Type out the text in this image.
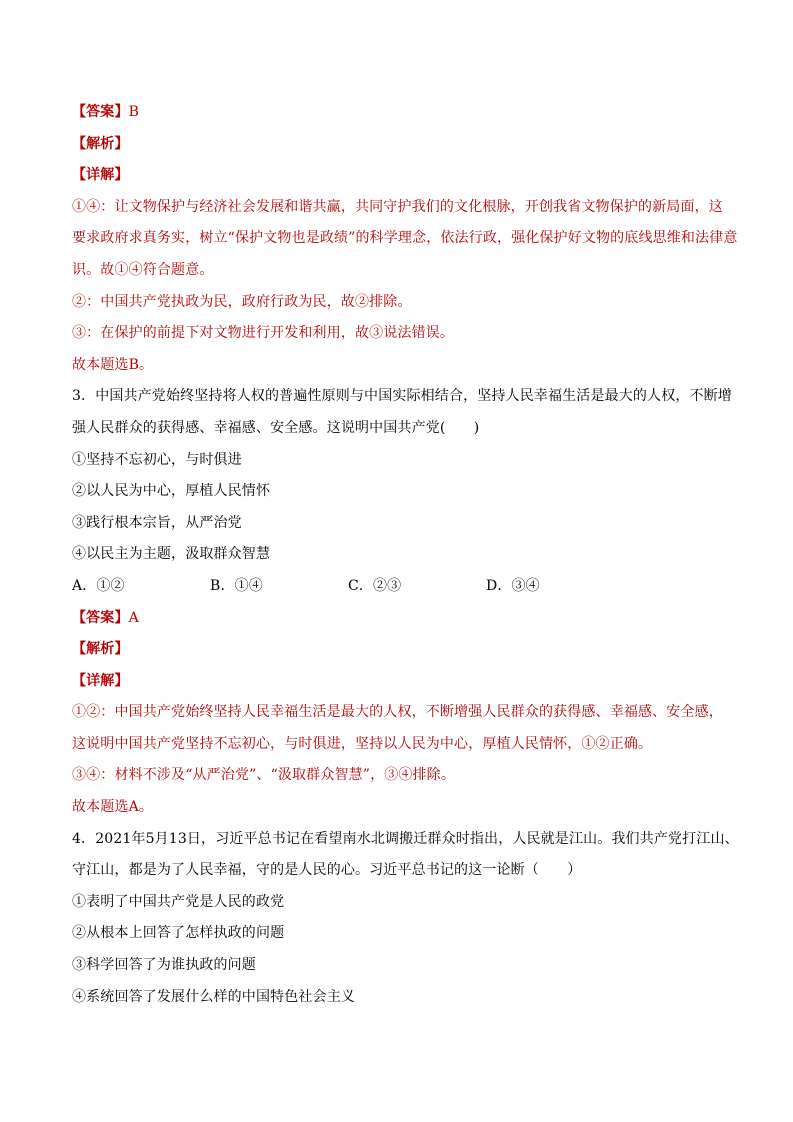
【答案】B
【解析】
【详解】
①④：让文物保护与经济社会发展和谐共赢，共同守护我们的文化根脉，开创我省文物保护的新局面，这
要求政府求真务实，树立“保护文物也是政绩”的科学理念，依法行政，强化保护好文物的底线思维和法律意
识。故①④符合题意。
②：中国共产党执政为民，政府行政为民，故②排除。
③：在保护的前提下对文物进行开发和利用，故③说法错误。
故本题选B。
3．中国共产党始终坚持将人权的普遍性原则与中国实际相结合，坚持人民幸福生活是最大的人权，不断增
强人民群众的获得感、幸福感、安全感。这说明中国共产党(　　)
①坚持不忘初心，与时俱进
②以人民为中心，厚植人民情怀
③践行根本宗旨，从严治党
④以民主为主题，汲取群众智慧
A．①②	B．①④	C．②③	D．③④
【答案】A
【解析】
【详解】
①②：中国共产党始终坚持人民幸福生活是最大的人权，不断增强人民群众的获得感、幸福感、安全感，
这说明中国共产党坚持不忘初心，与时俱进，坚持以人民为中心，厚植人民情怀，①②正确。
③④：材料不涉及“从严治党”、“汲取群众智慧”，③④排除。
故本题选A。
4．2021年5月13日，习近平总书记在看望南水北调搬迁群众时指出，人民就是江山。我们共产党打江山、
守江山，都是为了人民幸福，守的是人民的心。习近平总书记的这一论断（　　）
①表明了中国共产党是人民的政党
②从根本上回答了怎样执政的问题
③科学回答了为谁执政的问题
④系统回答了发展什么样的中国特色社会主义
